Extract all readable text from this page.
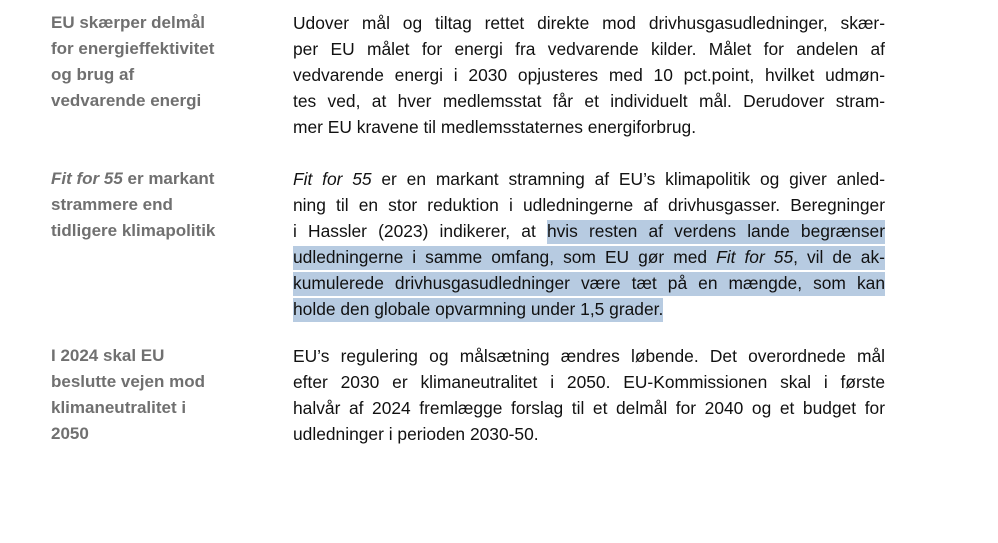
EU skærper delmål
for energieffektivitet
og brug af
vedvarende energi
Udover mål og tiltag rettet direkte mod drivhusgasudledninger, skær-
per EU målet for energi fra vedvarende kilder. Målet for andelen af
vedvarende energi i 2030 opjusteres med 10 pct.point, hvilket udmøn-
tes ved, at hver medlemsstat får et individuelt mål. Derudover stram-
mer EU kravene til medlemsstaternes energiforbrug.
Fit for 55 er markant
strammere end
tidligere klimapolitik
Fit for 55 er en markant stramning af EU’s klimapolitik og giver anled-
ning til en stor reduktion i udledningerne af drivhusgasser. Beregninger
i Hassler (2023) indikerer, at hvis resten af verdens lande begrænser
udledningerne i samme omfang, som EU gør med Fit for 55, vil de ak-
kumulerede drivhusgasudledninger være tæt på en mængde, som kan
holde den globale opvarmning under 1,5 grader.
I 2024 skal EU
beslutte vejen mod
klimaneutralitet i
2050
EU’s regulering og målsætning ændres løbende. Det overordnede mål
efter 2030 er klimaneutralitet i 2050. EU-Kommissionen skal i første
halvår af 2024 fremlægge forslag til et delmål for 2040 og et budget for
udledninger i perioden 2030-50.
